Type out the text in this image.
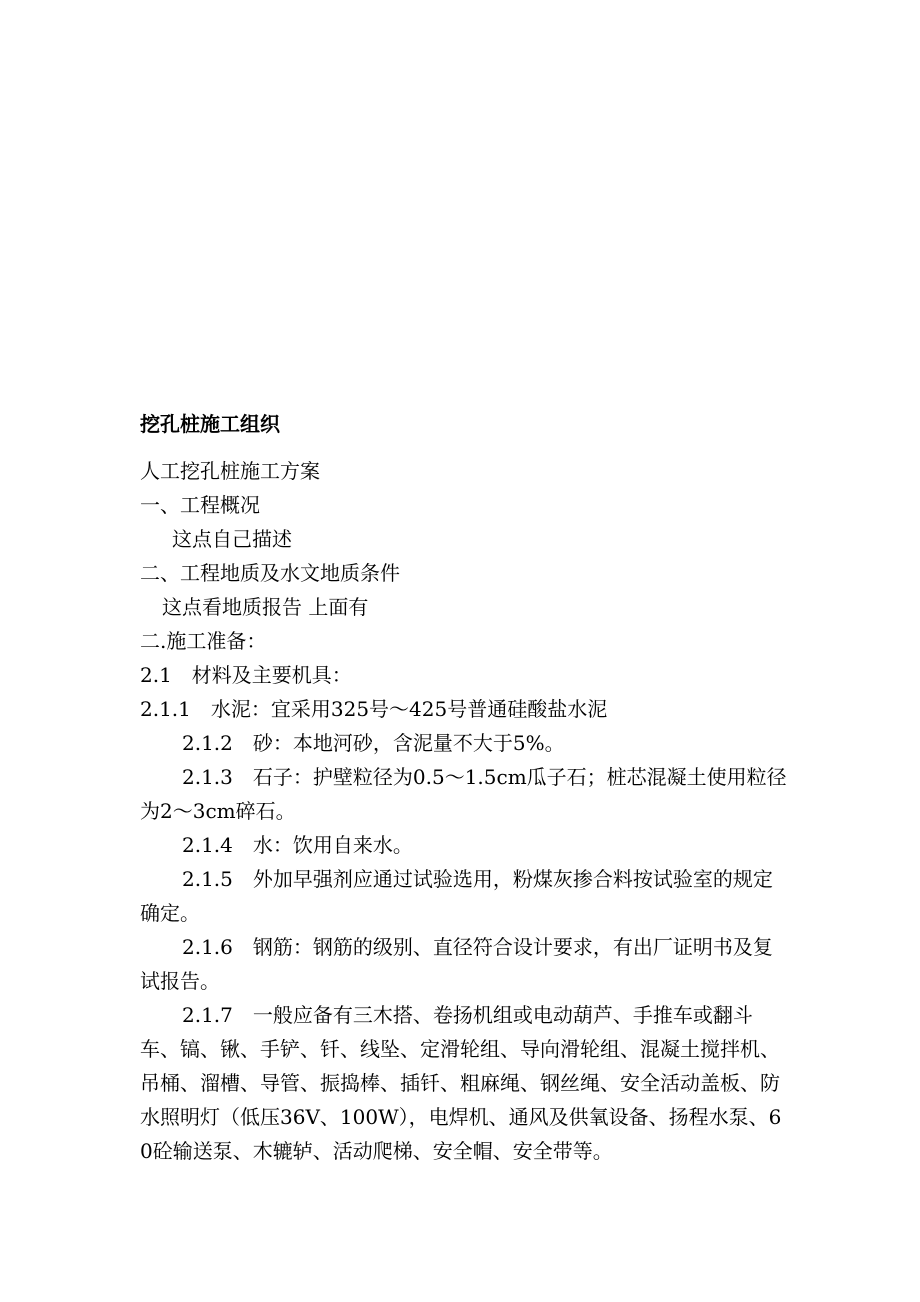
挖孔桩施工组织
人工挖孔桩施工方案
一、工程概况
这点自己描述
二、工程地质及水文地质条件
这点看地质报告 上面有
二.施工准备：
2.1　材料及主要机具：
2.1.1　水泥：宜采用325号～425号普通硅酸盐水泥
2.1.2　砂：本地河砂，含泥量不大于5%。
2.1.3　石子：护壁粒径为0.5～1.5cm瓜子石；桩芯混凝土使用粒径为2～3cm碎石。
2.1.4　水：饮用自来水。
2.1.5　外加早强剂应通过试验选用，粉煤灰掺合料按试验室的规定确定。
2.1.6　钢筋：钢筋的级别、直径符合设计要求，有出厂证明书及复试报告。
2.1.7　一般应备有三木搭、卷扬机组或电动葫芦、手推车或翻斗车、镐、锹、手铲、钎、线坠、定滑轮组、导向滑轮组、混凝土搅拌机、吊桶、溜槽、导管、振捣棒、插钎、粗麻绳、钢丝绳、安全活动盖板、防水照明灯（低压36V、100W），电焊机、通风及供氧设备、扬程水泵、60砼输送泵、木辘轳、活动爬梯、安全帽、安全带等。
